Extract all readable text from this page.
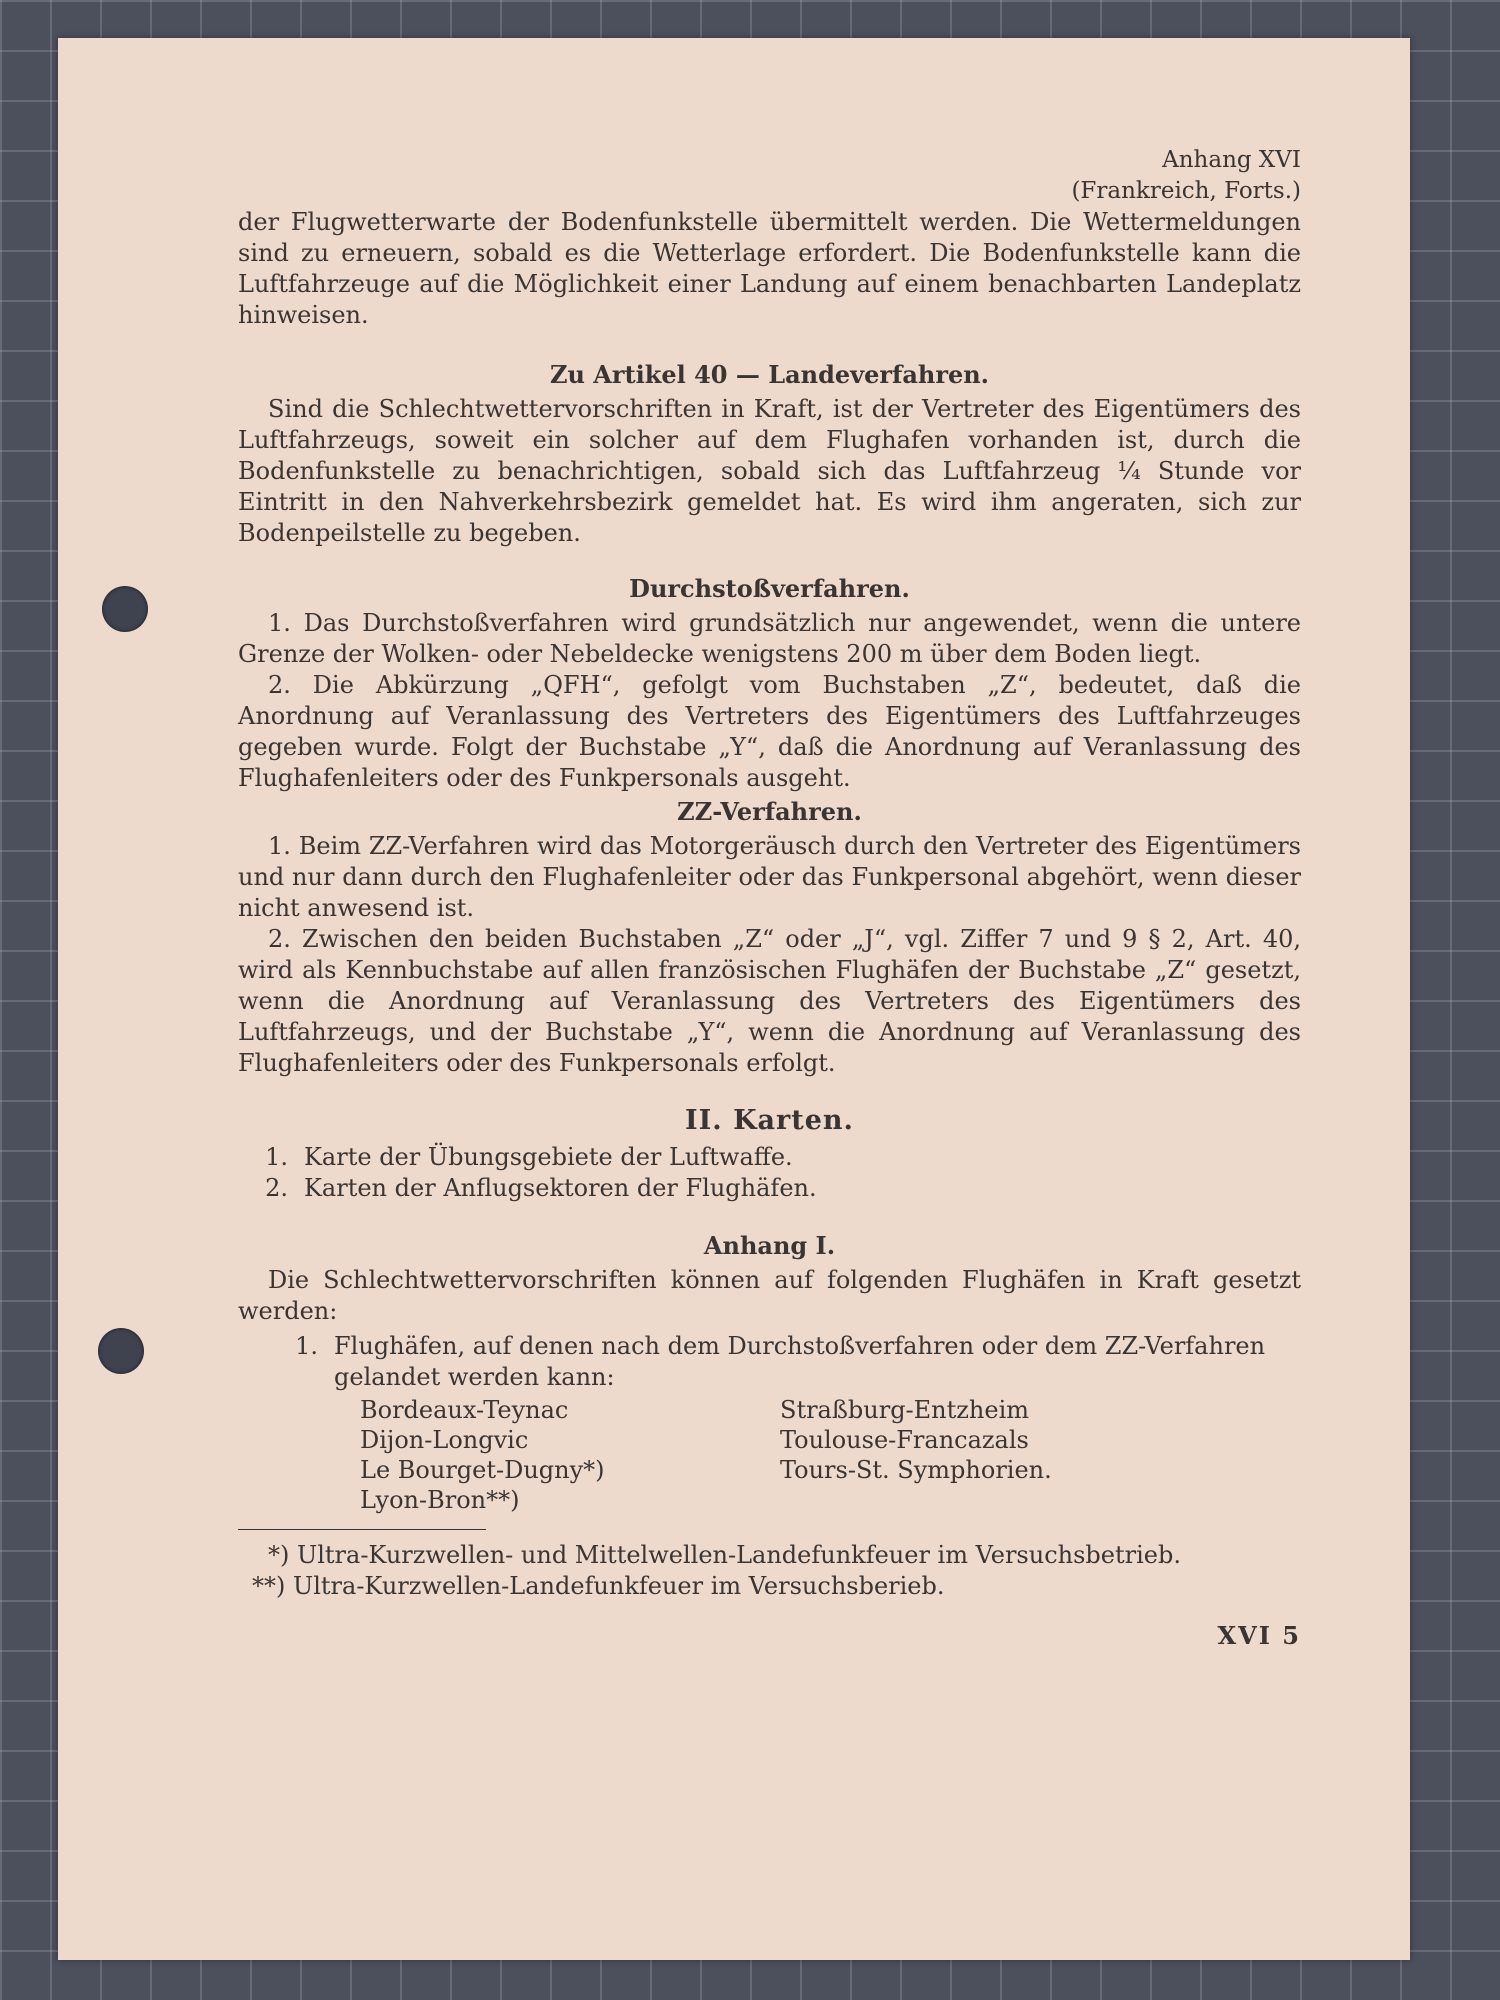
Anhang XVI

(Frankreich, Forts.)

der Flugwetterwarte der Bodenfunkstelle übermittelt werden. Die Wettermeldungen sind zu erneuern, sobald es die Wetterlage erfordert. Die Bodenfunkstelle kann die Luftfahrzeuge auf die Möglichkeit einer Landung auf einem benachbarten Landeplatz hinweisen.

Zu Artikel 40 — Landeverfahren.

Sind die Schlechtwettervorschriften in Kraft, ist der Vertreter des Eigentümers des Luftfahrzeugs, soweit ein solcher auf dem Flughafen vorhanden ist, durch die Bodenfunkstelle zu benachrichtigen, sobald sich das Luftfahrzeug ¼ Stunde vor Eintritt in den Nahverkehrsbezirk gemeldet hat. Es wird ihm angeraten, sich zur Bodenpeilstelle zu begeben.

Durchstoßverfahren.

1. Das Durchstoßverfahren wird grundsätzlich nur angewendet, wenn die untere Grenze der Wolken- oder Nebeldecke wenigstens 200 m über dem Boden liegt.

2. Die Abkürzung „QFH“, gefolgt vom Buchstaben „Z“, bedeutet, daß die Anordnung auf Veranlassung des Vertreters des Eigentümers des Luftfahrzeuges gegeben wurde. Folgt der Buchstabe „Y“, daß die Anordnung auf Veranlassung des Flughafenleiters oder des Funkpersonals ausgeht.

ZZ-Verfahren.

1. Beim ZZ-Verfahren wird das Motorgeräusch durch den Vertreter des Eigentümers und nur dann durch den Flughafenleiter oder das Funkpersonal abgehört, wenn dieser nicht anwesend ist.

2. Zwischen den beiden Buchstaben „Z“ oder „J“, vgl. Ziffer 7 und 9 § 2, Art. 40, wird als Kennbuchstabe auf allen französischen Flughäfen der Buchstabe „Z“ gesetzt, wenn die Anordnung auf Veranlassung des Vertreters des Eigentümers des Luftfahrzeugs, und der Buchstabe „Y“, wenn die Anordnung auf Veranlassung des Flughafenleiters oder des Funkpersonals erfolgt.

II. Karten.

1. Karte der Übungsgebiete der Luftwaffe.
2. Karten der Anflugsektoren der Flughäfen.

Anhang I.

Die Schlechtwettervorschriften können auf folgenden Flughäfen in Kraft gesetzt werden:

1. Flughäfen, auf denen nach dem Durchstoßverfahren oder dem ZZ-Verfahren gelandet werden kann:
Bordeaux-Teynac
Dijon-Longvic
Le Bourget-Dugny*)
Lyon-Bron**)
Straßburg-Entzheim
Toulouse-Francazals
Tours-St. Symphorien.

*) Ultra-Kurzwellen- und Mittelwellen-Landefunkfeuer im Versuchsbetrieb.

**) Ultra-Kurzwellen-Landefunkfeuer im Versuchsberieb.

XVI 5
